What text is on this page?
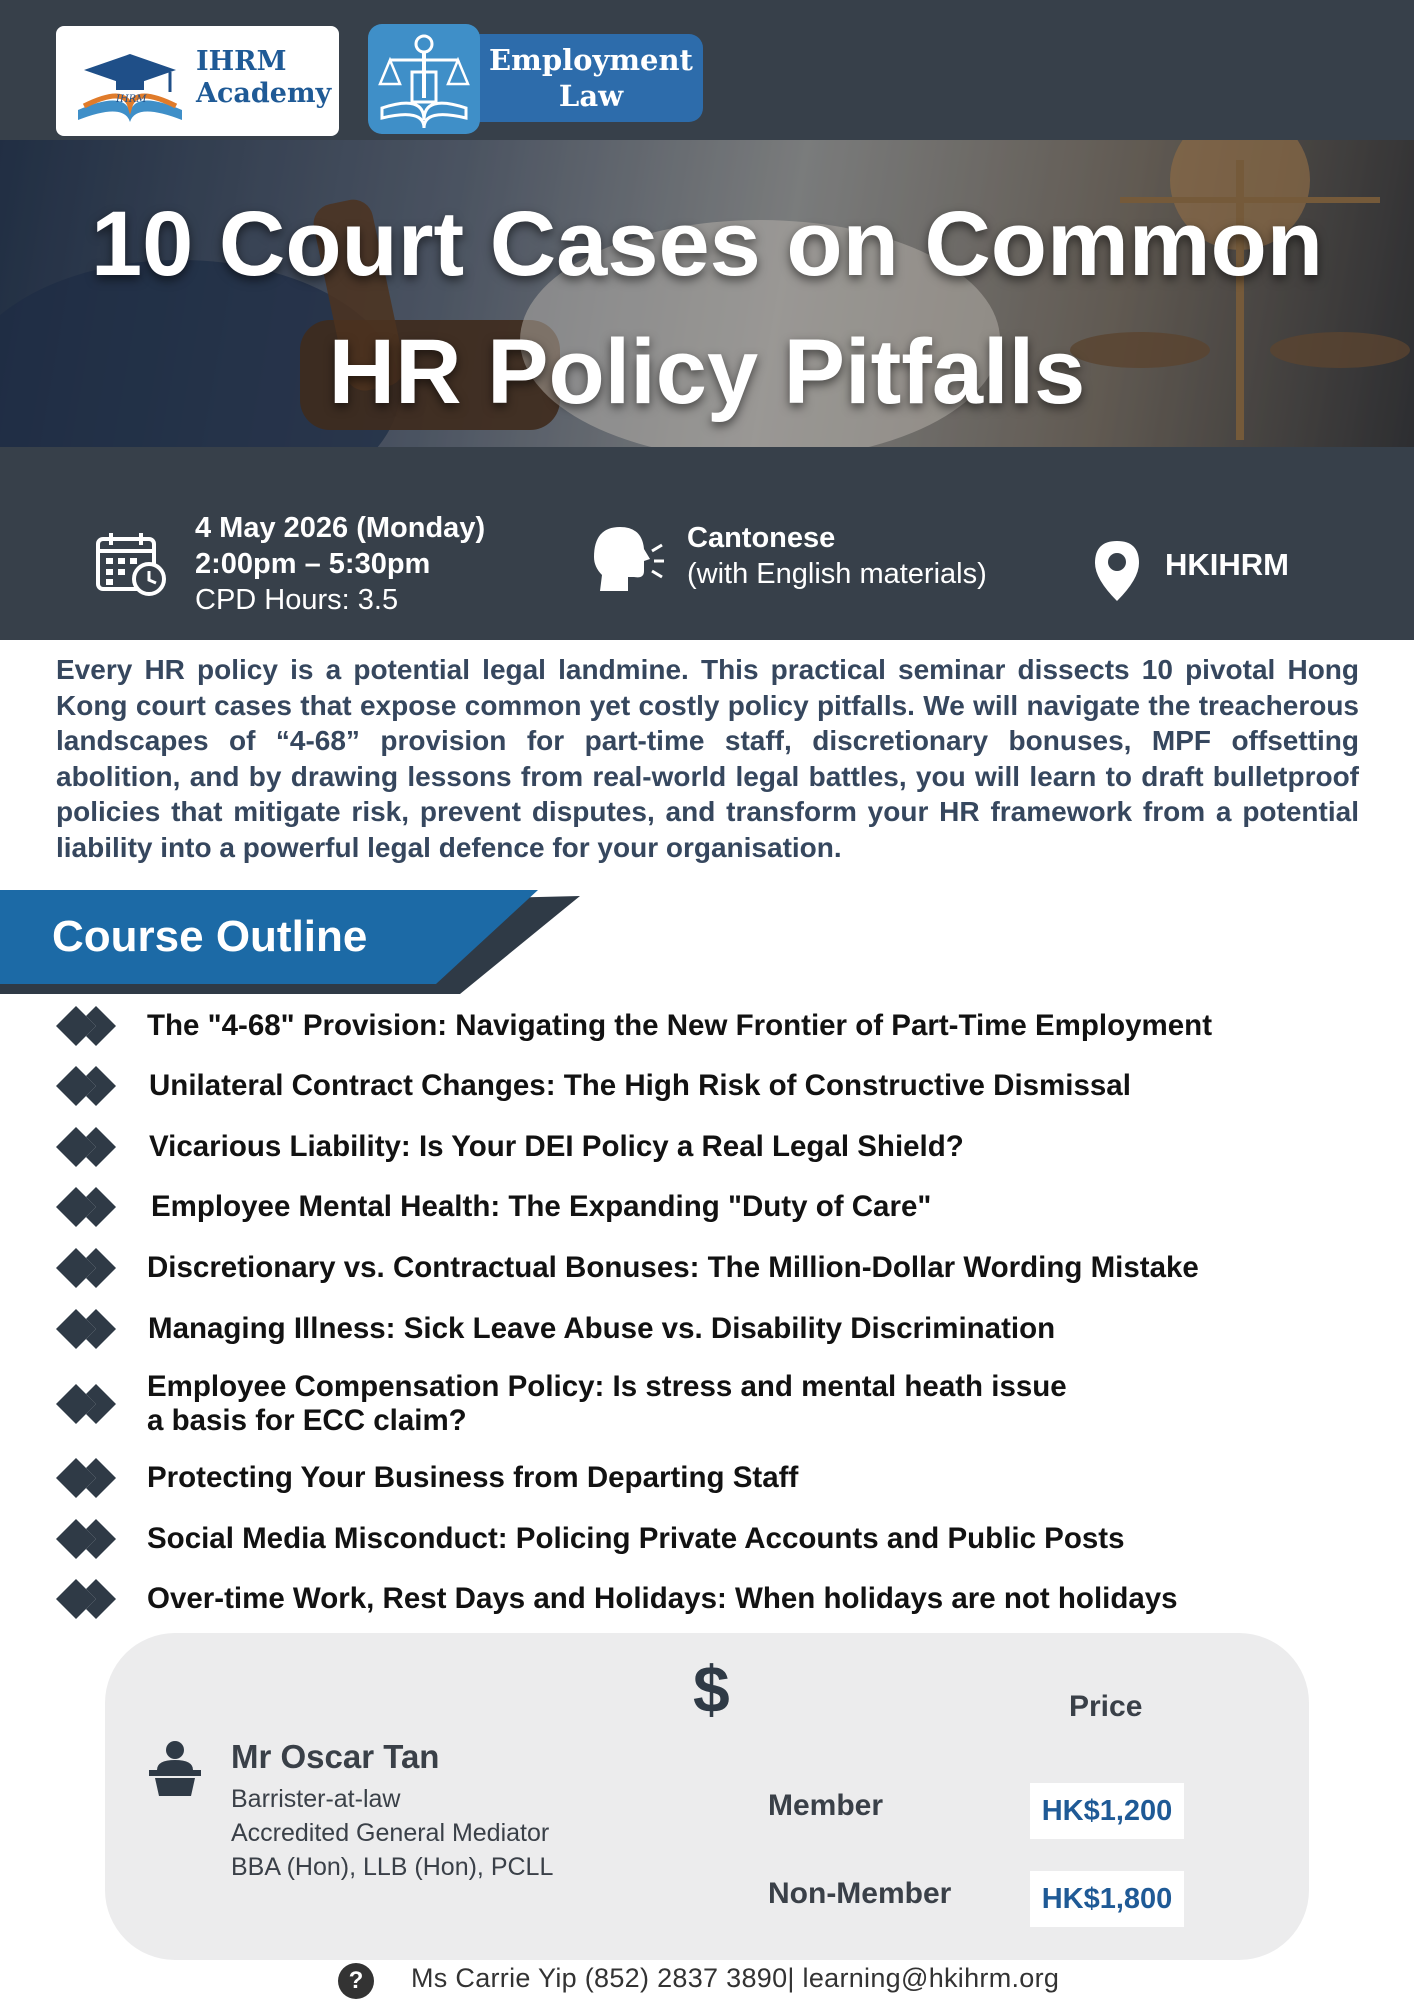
IHRM
IHRM
Academy
Employment
Law
10 Court Cases on Common
HR Policy Pitfalls
4 May 2026 (Monday)
2:00pm – 5:30pm
CPD Hours: 3.5
Cantonese
(with English materials)	HKIHRM
Every HR policy is a potential legal landmine. This practical seminar dissects 10 pivotal Hong Kong court cases that expose common yet costly policy pitfalls. We will navigate the treacherous landscapes of “4-68” provision for part-time staff, discretionary bonuses, MPF offsetting abolition, and by drawing lessons from real-world legal battles, you will learn to draft bulletproof policies that mitigate risk, prevent disputes, and transform your HR framework from a potential liability into a powerful legal defence for your organisation.
Course Outline
The "4-68" Provision: Navigating the New Frontier of Part-Time Employment
Unilateral Contract Changes: The High Risk of Constructive Dismissal
Vicarious Liability: Is Your DEI Policy a Real Legal Shield?
Employee Mental Health: The Expanding "Duty of Care"
Discretionary vs. Contractual Bonuses: The Million-Dollar Wording Mistake
Managing Illness: Sick Leave Abuse vs. Disability Discrimination
Employee Compensation Policy: Is stress and mental heath issue
a basis for ECC claim?
Protecting Your Business from Departing Staff
Social Media Misconduct: Policing Private Accounts and Public Posts
Over-time Work, Rest Days and Holidays: When holidays are not holidays
Mr Oscar Tan
Barrister-at-law
Accredited General Mediator
BBA (Hon), LLB (Hon), PCLL
$	Price
Member	HK$1,200
Non-Member	HK$1,800
?	Ms Carrie Yip (852) 2837 3890| learning@hkihrm.org
